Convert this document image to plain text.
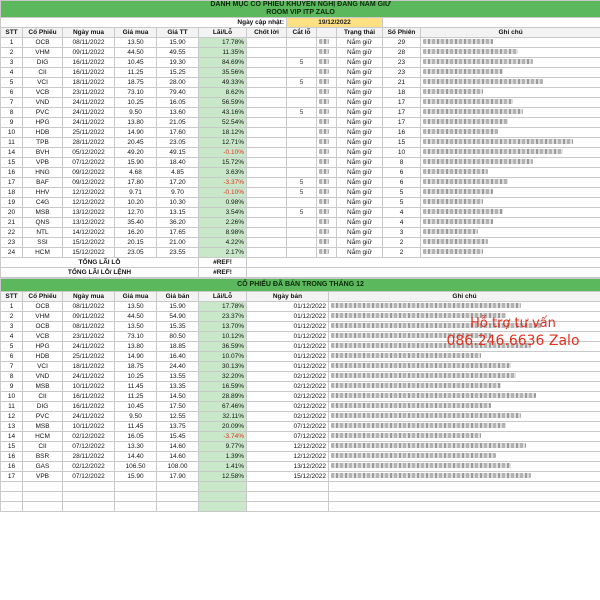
DANH MỤC CỔ PHIẾU KHUYẾN NGHỊ ĐANG NẮM GIỮ
ROOM VIP ITP ZALO											

Ngày cập nhật:							19/12/2022				
STT	Cổ Phiếu	Ngày mua	Giá mua	Giá TT	Lãi/Lỗ	Chốt lời	Cắt lỗ		Trạng thái	Số Phiên	Ghi chú
1	OCB	08/11/2022	13.50	15.90	17.78%				Nắm giữ	29	
2	VHM	09/11/2022	44.50	49.55	11.35%				Nắm giữ	28	
3	DIG	16/11/2022	10.45	19.30	84.69%		5		Nắm giữ	23	
4	CII	16/11/2022	11.25	15.25	35.56%				Nắm giữ	23	
5	VCI	18/11/2022	18.75	28.00	49.33%		5		Nắm giữ	21	
6	VCB	23/11/2022	73.10	79.40	8.62%				Nắm giữ	18	
7	VND	24/11/2022	10.25	16.05	56.59%				Nắm giữ	17	
8	PVC	24/11/2022	9.50	13.60	43.16%		5		Nắm giữ	17	
9	HPG	24/11/2022	13.80	21.05	52.54%				Nắm giữ	17	
10	HDB	25/11/2022	14.90	17.60	18.12%				Nắm giữ	16	
11	TPB	28/11/2022	20.45	23.05	12.71%				Nắm giữ	15	
14	BVH	05/12/2022	49.20	49.15	-0.10%				Nắm giữ	10	
15	VPB	07/12/2022	15.90	18.40	15.72%				Nắm giữ	8	
16	HNG	09/12/2022	4.68	4.85	3.63%				Nắm giữ	6	
17	BAF	09/12/2022	17.80	17.20	-3.37%		5		Nắm giữ	6	
18	HHV	12/12/2022	9.71	9.70	-0.10%		5		Nắm giữ	5	
19	C4G	12/12/2022	10.20	10.30	0.98%				Nắm giữ	5	
20	MSB	13/12/2022	12.70	13.15	3.54%		5		Nắm giữ	4	
21	QNS	13/12/2022	35.40	36.20	2.26%				Nắm giữ	4	
22	NTL	14/12/2022	16.20	17.65	8.98%				Nắm giữ	3	
23	SSI	15/12/2022	20.15	21.00	4.22%				Nắm giữ	2	
24	HCM	15/12/2022	23.05	23.55	2.17%				Nắm giữ	2	
TỔNG LÃI LỖ					#REF!						
TỔNG LÃI LỖ/ LỆNH					#REF!						
CỔ PHIẾU ĐÃ BÁN TRONG THÁNG 12							
STT	Cổ Phiếu	Ngày mua	Giá mua	Giá bán	Lãi/Lỗ	Ngày bán	Ghi chú
1	OCB	08/11/2022	13.50	15.90	17.78%	01/12/2022	
2	VHM	09/11/2022	44.50	54.90	23.37%	01/12/2022	
3	OCB	08/11/2022	13.50	15.35	13.70%	01/12/2022	
4	VCB	23/11/2022	73.10	80.50	10.12%	01/12/2022	
5	HPG	24/11/2022	13.80	18.85	36.59%	01/12/2022	
6	HDB	25/11/2022	14.90	16.40	10.07%	01/12/2022	
7	VCI	18/11/2022	18.75	24.40	30.13%	01/12/2022	
8	VND	24/11/2022	10.25	13.55	32.20%	02/12/2022	
9	MSB	10/11/2022	11.45	13.35	16.59%	02/12/2022	
10	CII	16/11/2022	11.25	14.50	28.89%	02/12/2022	
11	DIG	16/11/2022	10.45	17.50	67.46%	02/12/2022	
12	PVC	24/11/2022	9.50	12.55	32.11%	02/12/2022	
13	MSB	10/11/2022	11.45	13.75	20.09%	07/12/2022	
14	HCM	02/12/2022	16.05	15.45	-3.74%	07/12/2022	
15	CII	07/12/2022	13.30	14.60	9.77%	12/12/2022	
16	BSR	28/11/2022	14.40	14.60	1.39%	12/12/2022	
16	GAS	02/12/2022	106.50	108.00	1.41%	13/12/2022	
17	VPB	07/12/2022	15.90	17.90	12.58%	15/12/2022	

Hỗ trợ tư vấn
086.246.6636 Zalo
